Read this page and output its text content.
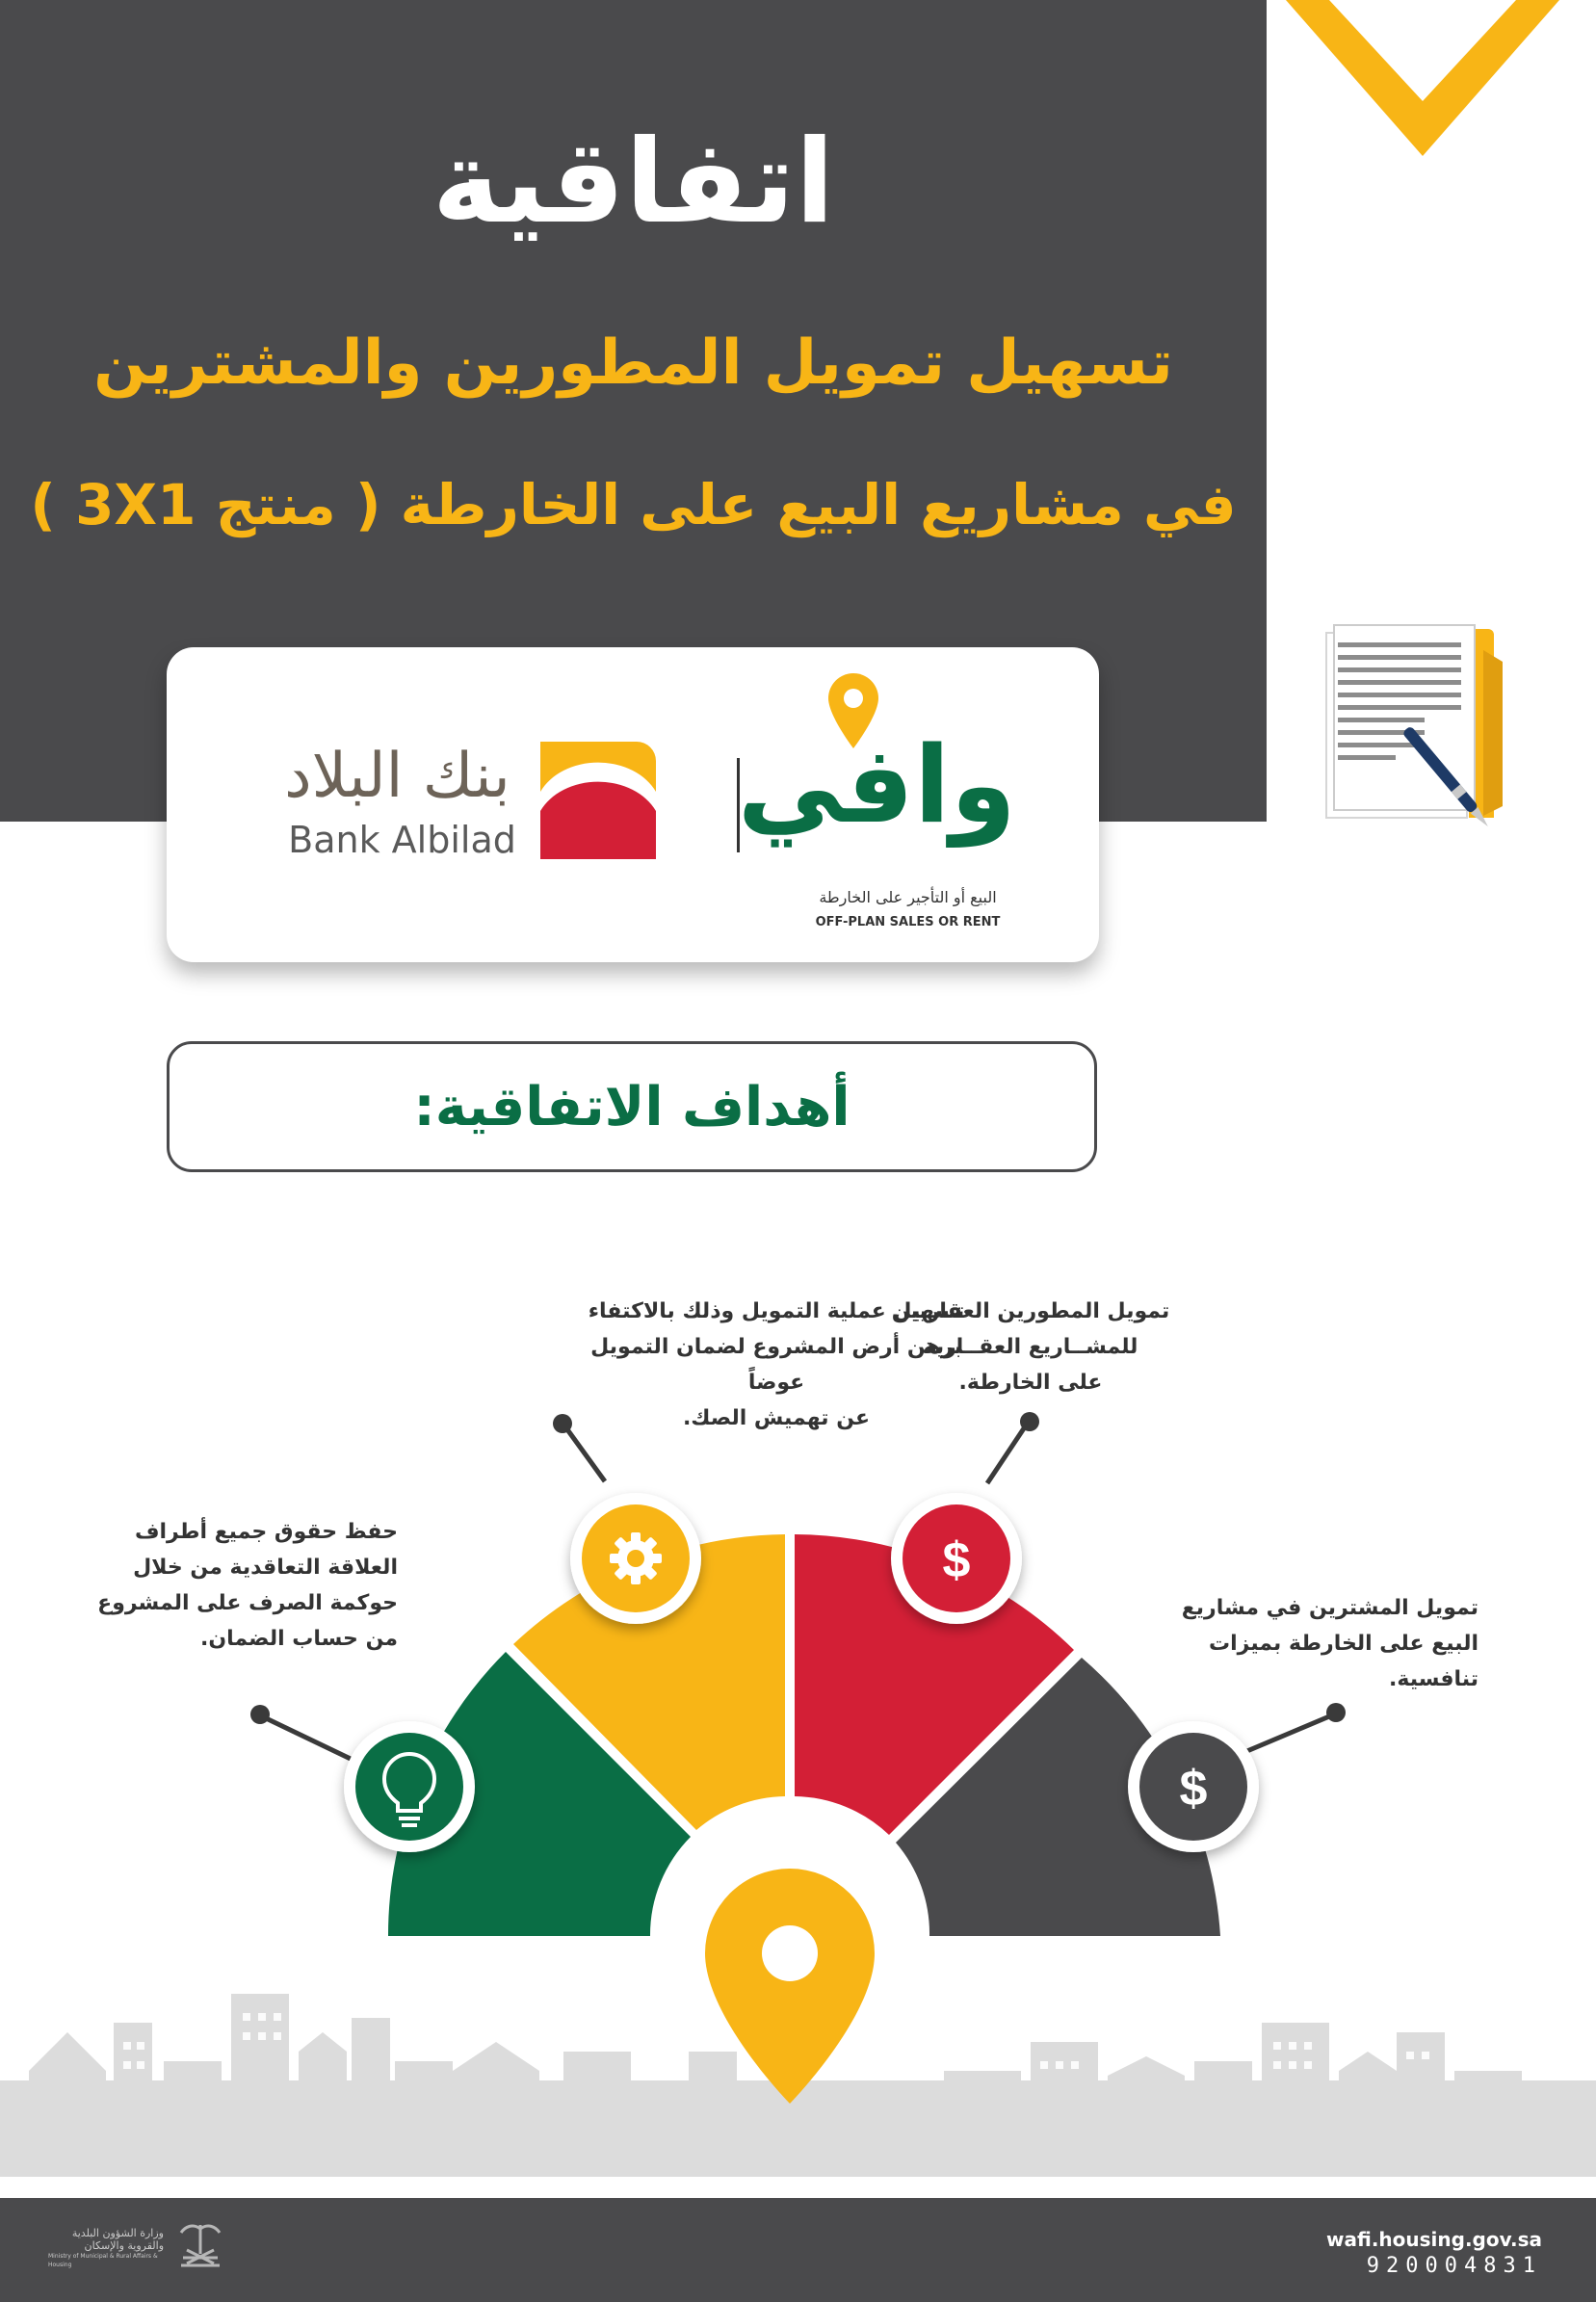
اتفاقية
تسهيل تمويل المطورين والمشترين
في مشاريع البيع على الخارطة ( منتج 3X1 )
بنك البلاد
Bank Albilad وافي
البيع أو التأجير على الخارطة
OFF-PLAN SALES OR RENT
أهداف الاتفاقية:
تسهيل عملية التمويل وذلك بالاكتفاء
برهن أرض المشروع لضمان التمويل عوضاً
عن تهميش الصك.
تمويل المطورين العقاريين
للمشــاريع العقــارية
على الخارطة.
حفظ حقوق جميع أطراف
العلاقة التعاقدية من خلال
حوكمة الصرف على المشروع
من حساب الضمان.
تمويل المشترين في مشاريع
البيع على الخارطة بميزات
تنافسية.
$
$
wafi.housing.gov.sa
920004831
وزارة الشؤون البلدية
والقروية والإسكان
Ministry of Municipal & Rural Affairs & Housing
